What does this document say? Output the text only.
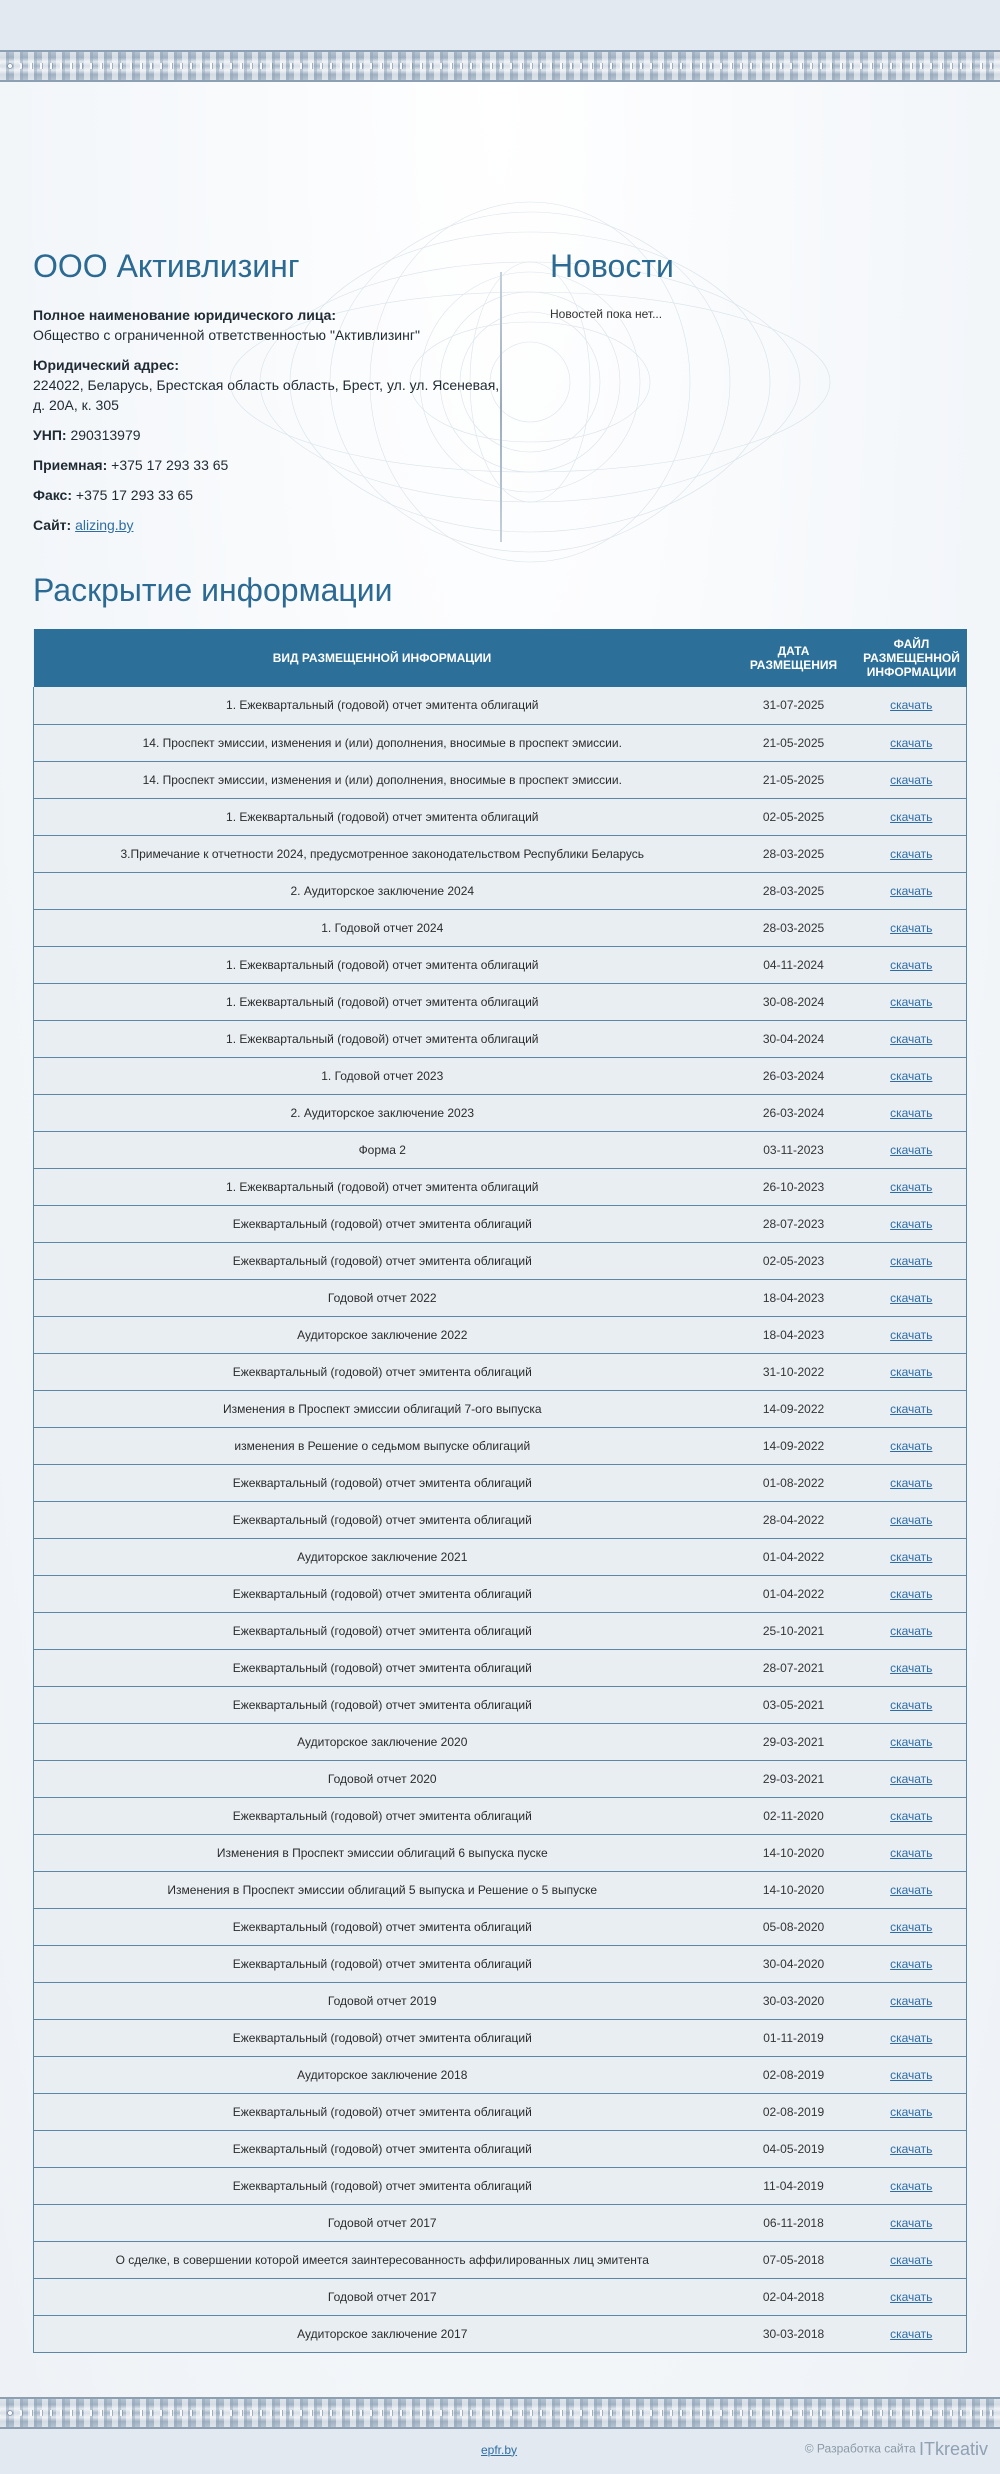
ООО Активлизинг

Полное наименование юридического лица:
Общество с ограниченной ответственностью "Активлизинг"

Юридический адрес:
224022, Беларусь, Брестская область область, Брест, ул. ул. Ясеневая, д. 20А, к. 305

УНП: 290313979

Приемная: +375 17 293 33 65

Факс: +375 17 293 33 65

Сайт: alizing.by

Новости
Новостей пока нет...
Раскрытие информации
ВИД РАЗМЕЩЕННОЙ ИНФОРМАЦИИ	ДАТА РАЗМЕЩЕНИЯ	ФАЙЛ РАЗМЕЩЕННОЙ ИНФОРМАЦИИ
1. Ежеквартальный (годовой) отчет эмитента облигаций	31-07-2025	скачать
14. Проспект эмиссии, изменения и (или) дополнения, вносимые в проспект эмиссии.	21-05-2025	скачать
14. Проспект эмиссии, изменения и (или) дополнения, вносимые в проспект эмиссии.	21-05-2025	скачать
1. Ежеквартальный (годовой) отчет эмитента облигаций	02-05-2025	скачать
3.Примечание к отчетности 2024, предусмотренное законодательством Республики Беларусь	28-03-2025	скачать
2. Аудиторское заключение 2024	28-03-2025	скачать
1. Годовой отчет 2024	28-03-2025	скачать
1. Ежеквартальный (годовой) отчет эмитента облигаций	04-11-2024	скачать
1. Ежеквартальный (годовой) отчет эмитента облигаций	30-08-2024	скачать
1. Ежеквартальный (годовой) отчет эмитента облигаций	30-04-2024	скачать
1. Годовой отчет 2023	26-03-2024	скачать
2. Аудиторское заключение 2023	26-03-2024	скачать
Форма 2	03-11-2023	скачать
1. Ежеквартальный (годовой) отчет эмитента облигаций	26-10-2023	скачать
Ежеквартальный (годовой) отчет эмитента облигаций	28-07-2023	скачать
Ежеквартальный (годовой) отчет эмитента облигаций	02-05-2023	скачать
Годовой отчет 2022	18-04-2023	скачать
Аудиторское заключение 2022	18-04-2023	скачать
Ежеквартальный (годовой) отчет эмитента облигаций	31-10-2022	скачать
Изменения в Проспект эмиссии облигаций 7-ого выпуска	14-09-2022	скачать
изменения в Решение о седьмом выпуске облигаций	14-09-2022	скачать
Ежеквартальный (годовой) отчет эмитента облигаций	01-08-2022	скачать
Ежеквартальный (годовой) отчет эмитента облигаций	28-04-2022	скачать
Аудиторское заключение 2021	01-04-2022	скачать
Ежеквартальный (годовой) отчет эмитента облигаций	01-04-2022	скачать
Ежеквартальный (годовой) отчет эмитента облигаций	25-10-2021	скачать
Ежеквартальный (годовой) отчет эмитента облигаций	28-07-2021	скачать
Ежеквартальный (годовой) отчет эмитента облигаций	03-05-2021	скачать
Аудиторское заключение 2020	29-03-2021	скачать
Годовой отчет 2020	29-03-2021	скачать
Ежеквартальный (годовой) отчет эмитента облигаций	02-11-2020	скачать
Изменения в Проспект эмиссии облигаций 6 выпуска пуске	14-10-2020	скачать
Изменения в Проспект эмиссии облигаций 5 выпуска и Решение о 5 выпуске	14-10-2020	скачать
Ежеквартальный (годовой) отчет эмитента облигаций	05-08-2020	скачать
Ежеквартальный (годовой) отчет эмитента облигаций	30-04-2020	скачать
Годовой отчет 2019	30-03-2020	скачать
Ежеквартальный (годовой) отчет эмитента облигаций	01-11-2019	скачать
Аудиторское заключение 2018	02-08-2019	скачать
Ежеквартальный (годовой) отчет эмитента облигаций	02-08-2019	скачать
Ежеквартальный (годовой) отчет эмитента облигаций	04-05-2019	скачать
Ежеквартальный (годовой) отчет эмитента облигаций	11-04-2019	скачать
Годовой отчет 2017	06-11-2018	скачать
О сделке, в совершении которой имеется заинтересованность аффилированных лиц эмитента	07-05-2018	скачать
Годовой отчет 2017	02-04-2018	скачать
Аудиторское заключение 2017	30-03-2018	скачать
epfr.by	© Разработка сайта ITkreativ
